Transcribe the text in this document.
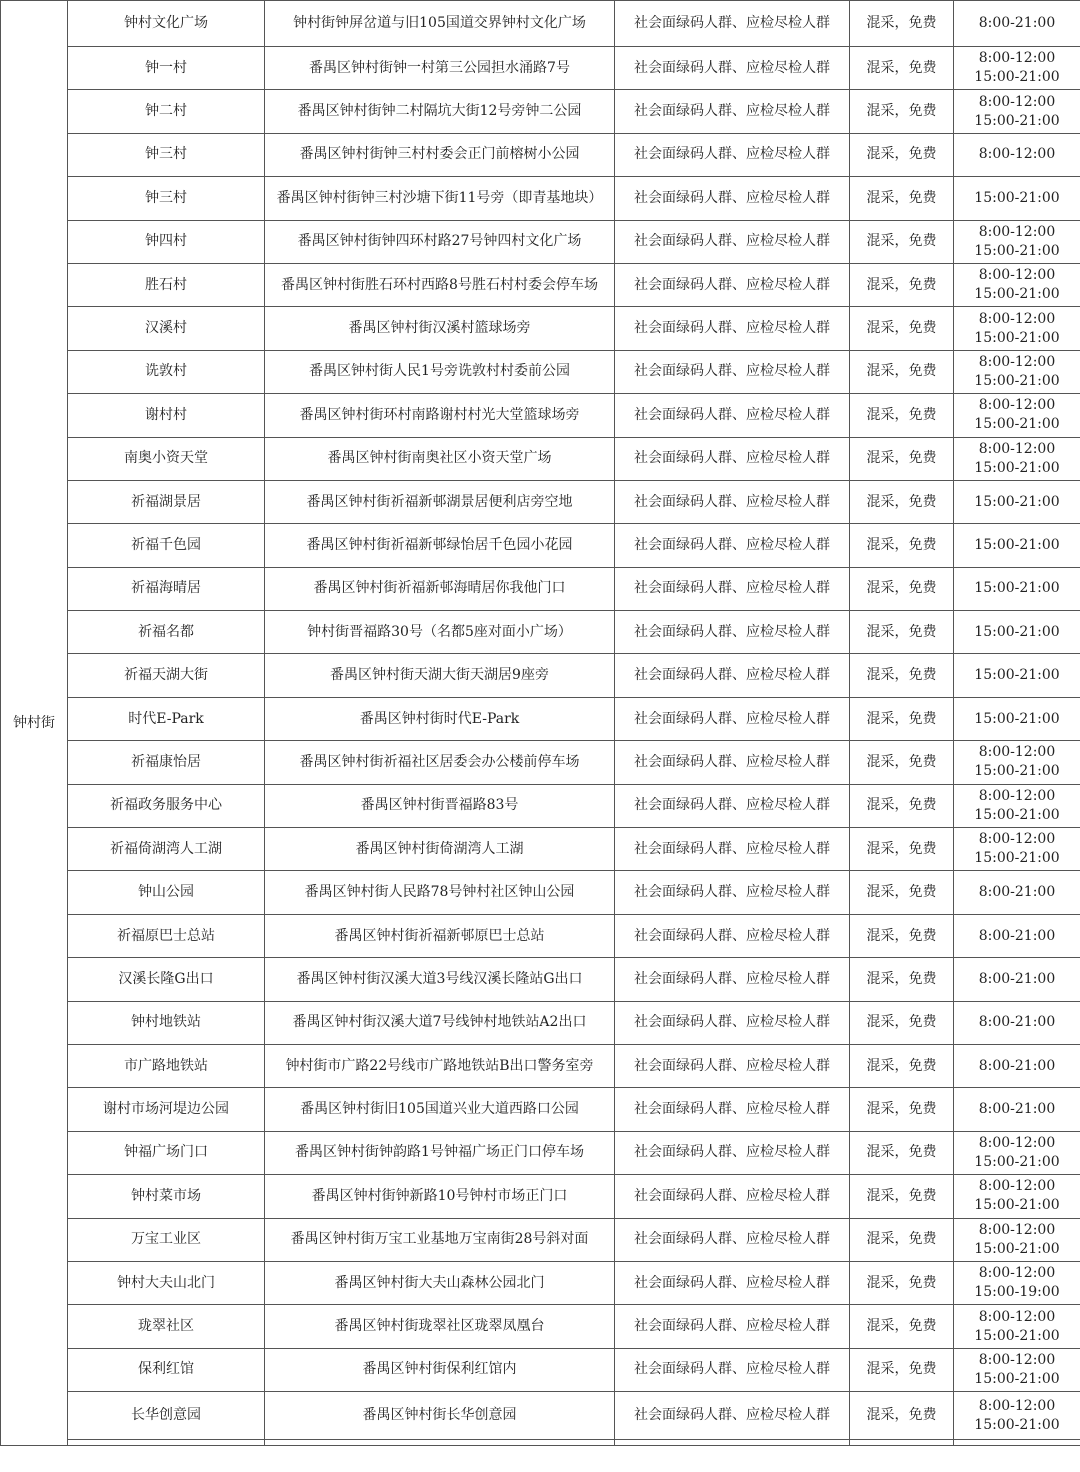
钟村街	钟村文化广场	钟村街钟屏岔道与旧105国道交界钟村文化广场	社会面绿码人群、应检尽检人群	混采，免费	8:00-21:00
	钟一村	番禺区钟村街钟一村第三公园担水涌路7号	社会面绿码人群、应检尽检人群	混采，免费	8:00-12:00
15:00-21:00
	钟二村	番禺区钟村街钟二村隔坑大街12号旁钟二公园	社会面绿码人群、应检尽检人群	混采，免费	8:00-12:00
15:00-21:00
	钟三村	番禺区钟村街钟三村村委会正门前榕树小公园	社会面绿码人群、应检尽检人群	混采，免费	8:00-12:00
	钟三村	番禺区钟村街钟三村沙塘下街11号旁（即青基地块）	社会面绿码人群、应检尽检人群	混采，免费	15:00-21:00
	钟四村	番禺区钟村街钟四环村路27号钟四村文化广场	社会面绿码人群、应检尽检人群	混采，免费	8:00-12:00
15:00-21:00
	胜石村	番禺区钟村街胜石环村西路8号胜石村村委会停车场	社会面绿码人群、应检尽检人群	混采，免费	8:00-12:00
15:00-21:00
	汉溪村	番禺区钟村街汉溪村篮球场旁	社会面绿码人群、应检尽检人群	混采，免费	8:00-12:00
15:00-21:00
	诜敦村	番禺区钟村街人民1号旁诜敦村村委前公园	社会面绿码人群、应检尽检人群	混采，免费	8:00-12:00
15:00-21:00
	谢村村	番禺区钟村街环村南路谢村村光大堂篮球场旁	社会面绿码人群、应检尽检人群	混采，免费	8:00-12:00
15:00-21:00
	南奥小资天堂	番禺区钟村街南奥社区小资天堂广场	社会面绿码人群、应检尽检人群	混采，免费	8:00-12:00
15:00-21:00
	祈福湖景居	番禺区钟村街祈福新邨湖景居便利店旁空地	社会面绿码人群、应检尽检人群	混采，免费	15:00-21:00
	祈福千色园	番禺区钟村街祈福新邨绿怡居千色园小花园	社会面绿码人群、应检尽检人群	混采，免费	15:00-21:00
	祈福海晴居	番禺区钟村街祈福新邨海晴居你我他门口	社会面绿码人群、应检尽检人群	混采，免费	15:00-21:00
	祈福名都	钟村街晋福路30号（名都5座对面小广场）	社会面绿码人群、应检尽检人群	混采，免费	15:00-21:00
	祈福天湖大街	番禺区钟村街天湖大街天湖居9座旁	社会面绿码人群、应检尽检人群	混采，免费	15:00-21:00
	时代E-Park	番禺区钟村街时代E-Park	社会面绿码人群、应检尽检人群	混采，免费	15:00-21:00
	祈福康怡居	番禺区钟村街祈福社区居委会办公楼前停车场	社会面绿码人群、应检尽检人群	混采，免费	8:00-12:00
15:00-21:00
	祈福政务服务中心	番禺区钟村街晋福路83号	社会面绿码人群、应检尽检人群	混采，免费	8:00-12:00
15:00-21:00
	祈福倚湖湾人工湖	番禺区钟村街倚湖湾人工湖	社会面绿码人群、应检尽检人群	混采，免费	8:00-12:00
15:00-21:00
	钟山公园	番禺区钟村街人民路78号钟村社区钟山公园	社会面绿码人群、应检尽检人群	混采，免费	8:00-21:00
	祈福原巴士总站	番禺区钟村街祈福新邨原巴士总站	社会面绿码人群、应检尽检人群	混采，免费	8:00-21:00
	汉溪长隆G出口	番禺区钟村街汉溪大道3号线汉溪长隆站G出口	社会面绿码人群、应检尽检人群	混采，免费	8:00-21:00
	钟村地铁站	番禺区钟村街汉溪大道7号线钟村地铁站A2出口	社会面绿码人群、应检尽检人群	混采，免费	8:00-21:00
	市广路地铁站	钟村街市广路22号线市广路地铁站B出口警务室旁	社会面绿码人群、应检尽检人群	混采，免费	8:00-21:00
	谢村市场河堤边公园	番禺区钟村街旧105国道兴业大道西路口公园	社会面绿码人群、应检尽检人群	混采，免费	8:00-21:00
	钟福广场门口	番禺区钟村街钟韵路1号钟福广场正门口停车场	社会面绿码人群、应检尽检人群	混采，免费	8:00-12:00
15:00-21:00
	钟村菜市场	番禺区钟村街钟新路10号钟村市场正门口	社会面绿码人群、应检尽检人群	混采，免费	8:00-12:00
15:00-21:00
	万宝工业区	番禺区钟村街万宝工业基地万宝南街28号斜对面	社会面绿码人群、应检尽检人群	混采，免费	8:00-12:00
15:00-21:00
	钟村大夫山北门	番禺区钟村街大夫山森林公园北门	社会面绿码人群、应检尽检人群	混采，免费	8:00-12:00
15:00-19:00
	珑翠社区	番禺区钟村街珑翠社区珑翠凤凰台	社会面绿码人群、应检尽检人群	混采，免费	8:00-12:00
15:00-21:00
	保利红馆	番禺区钟村街保利红馆内	社会面绿码人群、应检尽检人群	混采，免费	8:00-12:00
15:00-21:00
	长华创意园	番禺区钟村街长华创意园	社会面绿码人群、应检尽检人群	混采，免费	8:00-12:00
15:00-21:00
